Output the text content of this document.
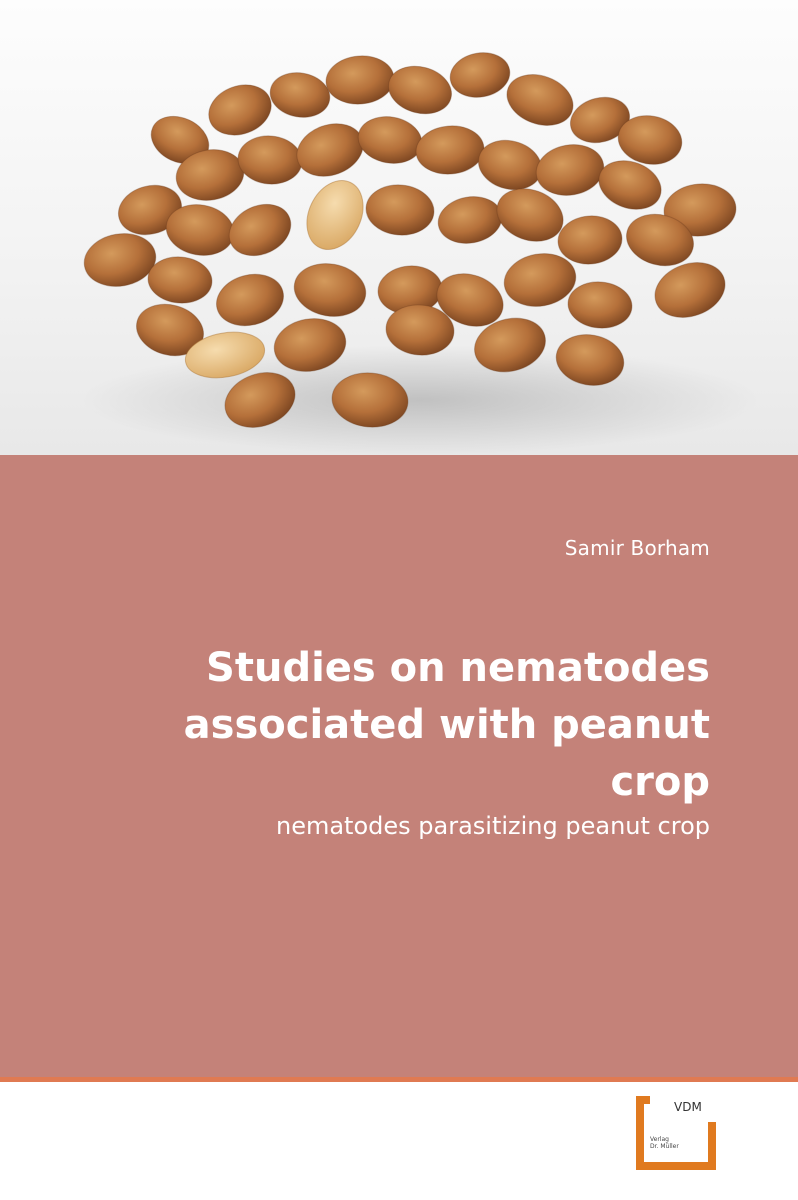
Samir Borham
Studies on nematodes associated with peanut crop
nematodes parasitizing peanut crop
VDM
Verlag
Dr. Müller
